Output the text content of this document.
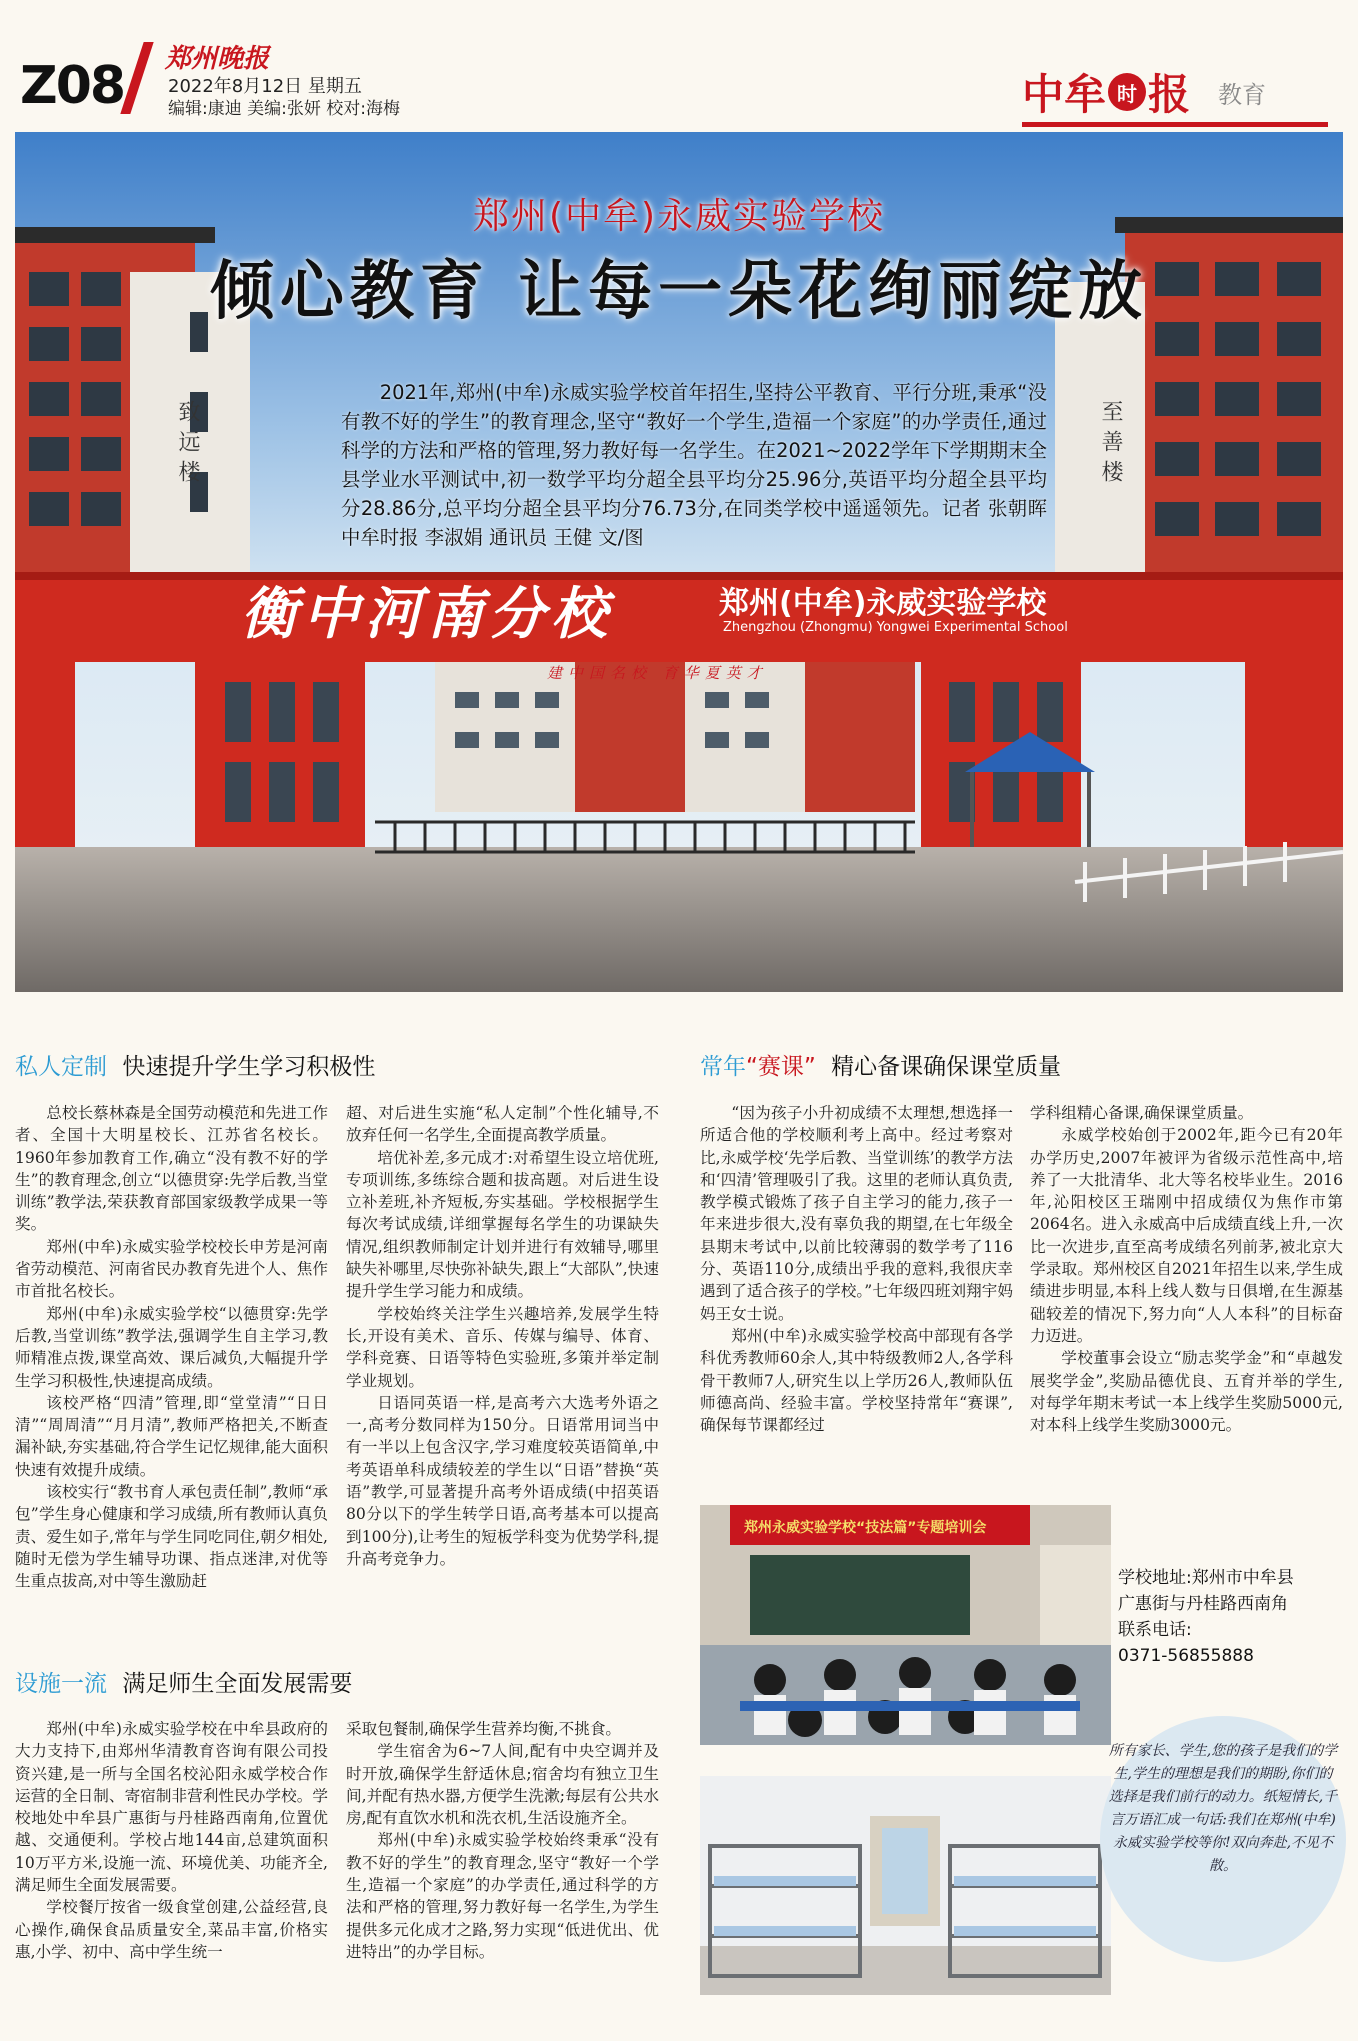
Z08 郑州晚报
2022年8月12日 星期五
编辑:康迪 美编:张妍 校对:海梅	中牟 时 报 教育
致远楼	至善楼
郑州(中牟)永威实验学校
倾心教育 让每一朵花绚丽绽放
2021年,郑州(中牟)永威实验学校首年招生,坚持公平教育、平行分班,秉承“没有教不好的学生”的教育理念,坚守“教好一个学生,造福一个家庭”的办学责任,通过科学的方法和严格的管理,努力教好每一名学生。在2021~2022学年下学期期末全县学业水平测试中,初一数学平均分超全县平均分25.96分,英语平均分超全县平均分28.86分,总平均分超全县平均分76.73分,在同类学校中遥遥领先。记者 张朝晖 中牟时报 李淑娟 通讯员 王健 文/图
衡中河南分校	郑州(中牟)永威实验学校
Zhengzhou (Zhongmu) Yongwei Experimental School
建中国名校 育华夏英才
私人定制 快速提升学生学习积极性	常年“赛课” 精心备课确保课堂质量
设施一流 满足师生全面发展需要

总校长蔡林森是全国劳动模范和先进工作者、全国十大明星校长、江苏省名校长。1960年参加教育工作,确立“没有教不好的学生”的教育理念,创立“以德贯穿:先学后教,当堂训练”教学法,荣获教育部国家级教学成果一等奖。

郑州(中牟)永威实验学校校长申芳是河南省劳动模范、河南省民办教育先进个人、焦作市首批名校长。

郑州(中牟)永威实验学校“以德贯穿:先学后教,当堂训练”教学法,强调学生自主学习,教师精准点拨,课堂高效、课后减负,大幅提升学生学习积极性,快速提高成绩。

该校严格“四清”管理,即“堂堂清”“日日清”“周周清”“月月清”,教师严格把关,不断查漏补缺,夯实基础,符合学生记忆规律,能大面积快速有效提升成绩。

该校实行“教书育人承包责任制”,教师“承包”学生身心健康和学习成绩,所有教师认真负责、爱生如子,常年与学生同吃同住,朝夕相处,随时无偿为学生辅导功课、指点迷津,对优等生重点拔高,对中等生激励赶

超、对后进生实施“私人定制”个性化辅导,不放弃任何一名学生,全面提高教学质量。

培优补差,多元成才:对希望生设立培优班,专项训练,多练综合题和拔高题。对后进生设立补差班,补齐短板,夯实基础。学校根据学生每次考试成绩,详细掌握每名学生的功课缺失情况,组织教师制定计划并进行有效辅导,哪里缺失补哪里,尽快弥补缺失,跟上“大部队”,快速提升学生学习能力和成绩。

学校始终关注学生兴趣培养,发展学生特长,开设有美术、音乐、传媒与编导、体育、学科竞赛、日语等特色实验班,多策并举定制学业规划。

日语同英语一样,是高考六大选考外语之一,高考分数同样为150分。日语常用词当中有一半以上包含汉字,学习难度较英语简单,中考英语单科成绩较差的学生以“日语”替换“英语”教学,可显著提升高考外语成绩(中招英语80分以下的学生转学日语,高考基本可以提高到100分),让考生的短板学科变为优势学科,提升高考竞争力。

“因为孩子小升初成绩不太理想,想选择一所适合他的学校顺利考上高中。经过考察对比,永威学校‘先学后教、当堂训练’的教学方法和‘四清’管理吸引了我。这里的老师认真负责,教学模式锻炼了孩子自主学习的能力,孩子一年来进步很大,没有辜负我的期望,在七年级全县期末考试中,以前比较薄弱的数学考了116分、英语110分,成绩出乎我的意料,我很庆幸遇到了适合孩子的学校。”七年级四班刘翔宇妈妈王女士说。

郑州(中牟)永威实验学校高中部现有各学科优秀教师60余人,其中特级教师2人,各学科骨干教师7人,研究生以上学历26人,教师队伍师德高尚、经验丰富。学校坚持常年“赛课”,确保每节课都经过

学科组精心备课,确保课堂质量。

永威学校始创于2002年,距今已有20年办学历史,2007年被评为省级示范性高中,培养了一大批清华、北大等名校毕业生。2016年,沁阳校区王瑞刚中招成绩仅为焦作市第2064名。进入永威高中后成绩直线上升,一次比一次进步,直至高考成绩名列前茅,被北京大学录取。郑州校区自2021年招生以来,学生成绩进步明显,本科上线人数与日俱增,在生源基础较差的情况下,努力向“人人本科”的目标奋力迈进。

学校董事会设立“励志奖学金”和“卓越发展奖学金”,奖励品德优良、五育并举的学生,对每学年期末考试一本上线学生奖励5000元,对本科上线学生奖励3000元。

郑州(中牟)永威实验学校在中牟县政府的大力支持下,由郑州华清教育咨询有限公司投资兴建,是一所与全国名校沁阳永威学校合作运营的全日制、寄宿制非营利性民办学校。学校地处中牟县广惠街与丹桂路西南角,位置优越、交通便利。学校占地144亩,总建筑面积10万平方米,设施一流、环境优美、功能齐全,满足师生全面发展需要。

学校餐厅按省一级食堂创建,公益经营,良心操作,确保食品质量安全,菜品丰富,价格实惠,小学、初中、高中学生统一

采取包餐制,确保学生营养均衡,不挑食。

学生宿舍为6~7人间,配有中央空调并及时开放,确保学生舒适休息;宿舍均有独立卫生间,并配有热水器,方便学生洗漱;每层有公共水房,配有直饮水机和洗衣机,生活设施齐全。

郑州(中牟)永威实验学校始终秉承“没有教不好的学生”的教育理念,坚守“教好一个学生,造福一个家庭”的办学责任,通过科学的方法和严格的管理,努力教好每一名学生,为学生提供多元化成才之路,努力实现“低进优出、优进特出”的办学目标。

郑州永威实验学校“技法篇”专题培训会
学校地址:郑州市中牟县
广惠街与丹桂路西南角
联系电话:
0371-56855888
所有家长、学生,您的孩子是我们的学生,学生的理想是我们的期盼,你们的选择是我们前行的动力。纸短情长,千言万语汇成一句话:我们在郑州(中牟)永威实验学校等你!双向奔赴,不见不散。
